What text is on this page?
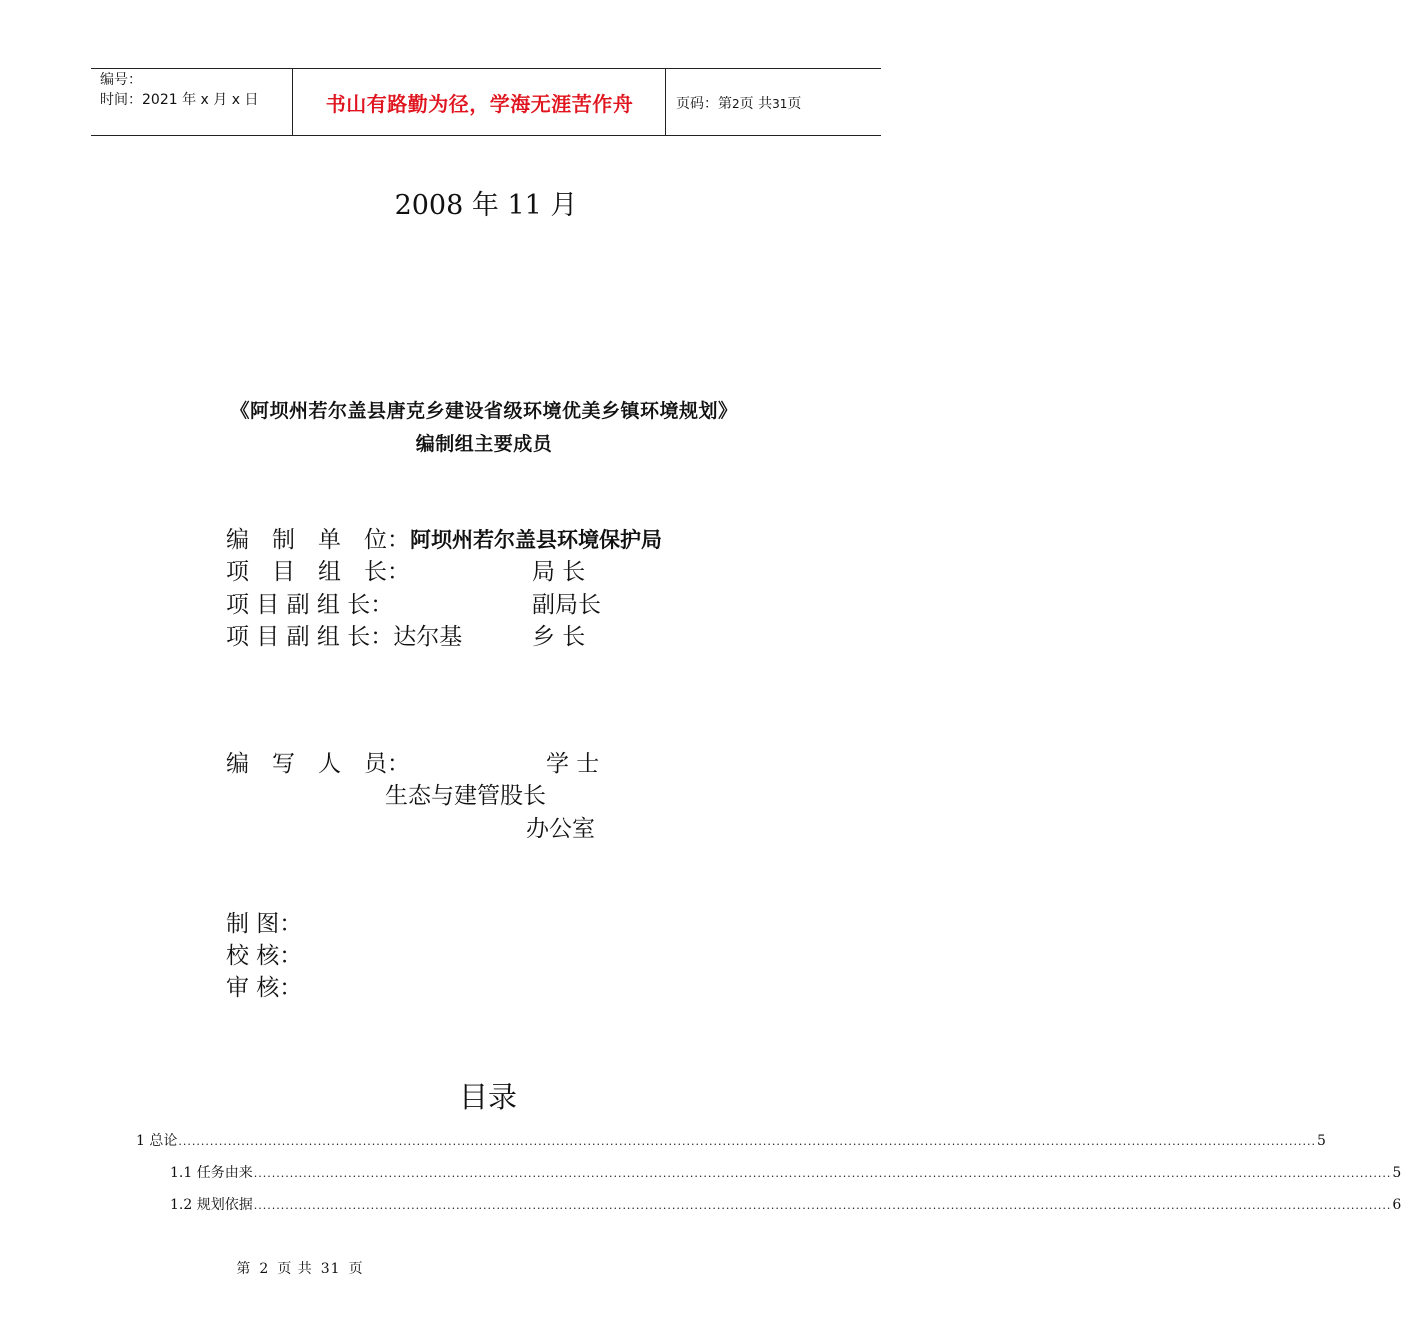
编号：
时间：2021 年 x 月 x 日	书山有路勤为径，学海无涯苦作舟	页码：第2页 共31页
2008 年 11 月
《阿坝州若尔盖县唐克乡建设省级环境优美乡镇环境规划》
编制组主要成员
编　制　单　位：阿坝州若尔盖县环境保护局
项　目　组　长：	局 长
项 目 副 组 长：	副局长
项 目 副 组 长：达尔基	乡 长
编　写　人　员：	学 士
生态与建管股长
办公室
制 图：
校 核：
审 核：
目录
1 总论 ............................................................................................................................................................................................................................................................. 5
1.1 任务由来 ............................................................................................................................................................................................................................................................. 5
1.2 规划依据 ............................................................................................................................................................................................................................................................. 6
第 2 页 共 31 页
